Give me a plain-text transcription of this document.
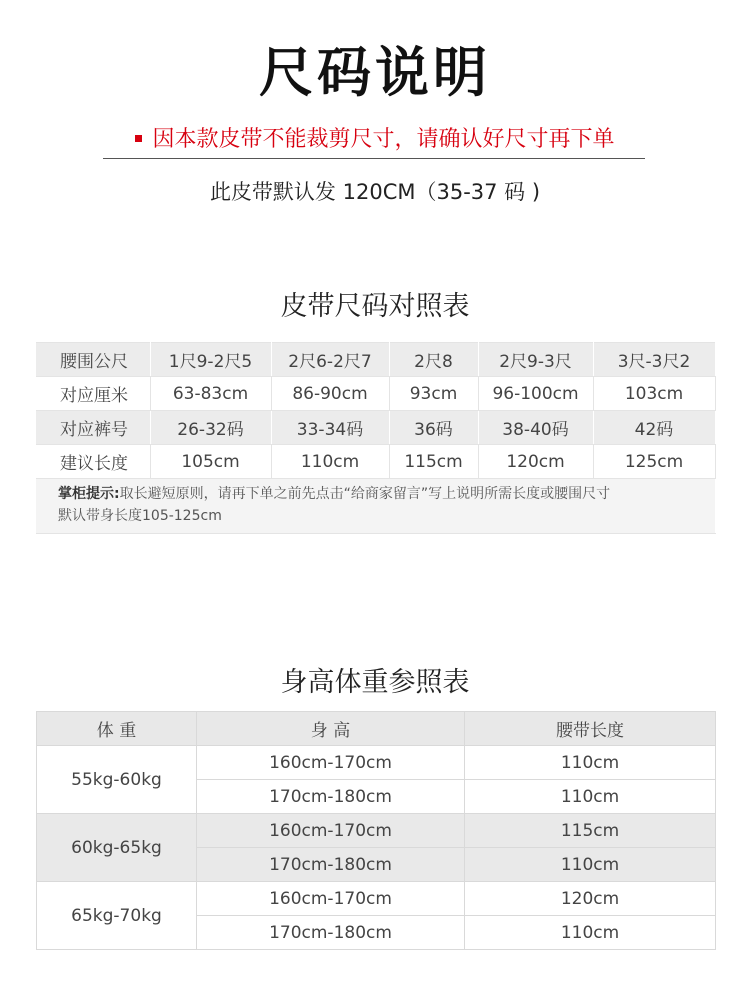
尺码说明
因本款皮带不能裁剪尺寸，请确认好尺寸再下单
此皮带默认发 120CM（35-37 码 )
皮带尺码对照表
腰围公尺	1尺9-2尺5	2尺6-2尺7	2尺8	2尺9-3尺	3尺-3尺2
对应厘米	63-83cm	86-90cm	93cm	96-100cm	103cm
对应裤号	26-32码	33-34码	36码	38-40码	42码
建议长度	105cm	110cm	115cm	120cm	125cm
掌柜提示:取长避短原则，请再下单之前先点击“给商家留言”写上说明所需长度或腰围尺寸
默认带身长度105-125cm					
身高体重参照表
体 重	身 高	腰带长度
55kg-60kg	160cm-170cm	110cm
	170cm-180cm	110cm
60kg-65kg	160cm-170cm	115cm
	170cm-180cm	110cm
65kg-70kg	160cm-170cm	120cm
	170cm-180cm	110cm
